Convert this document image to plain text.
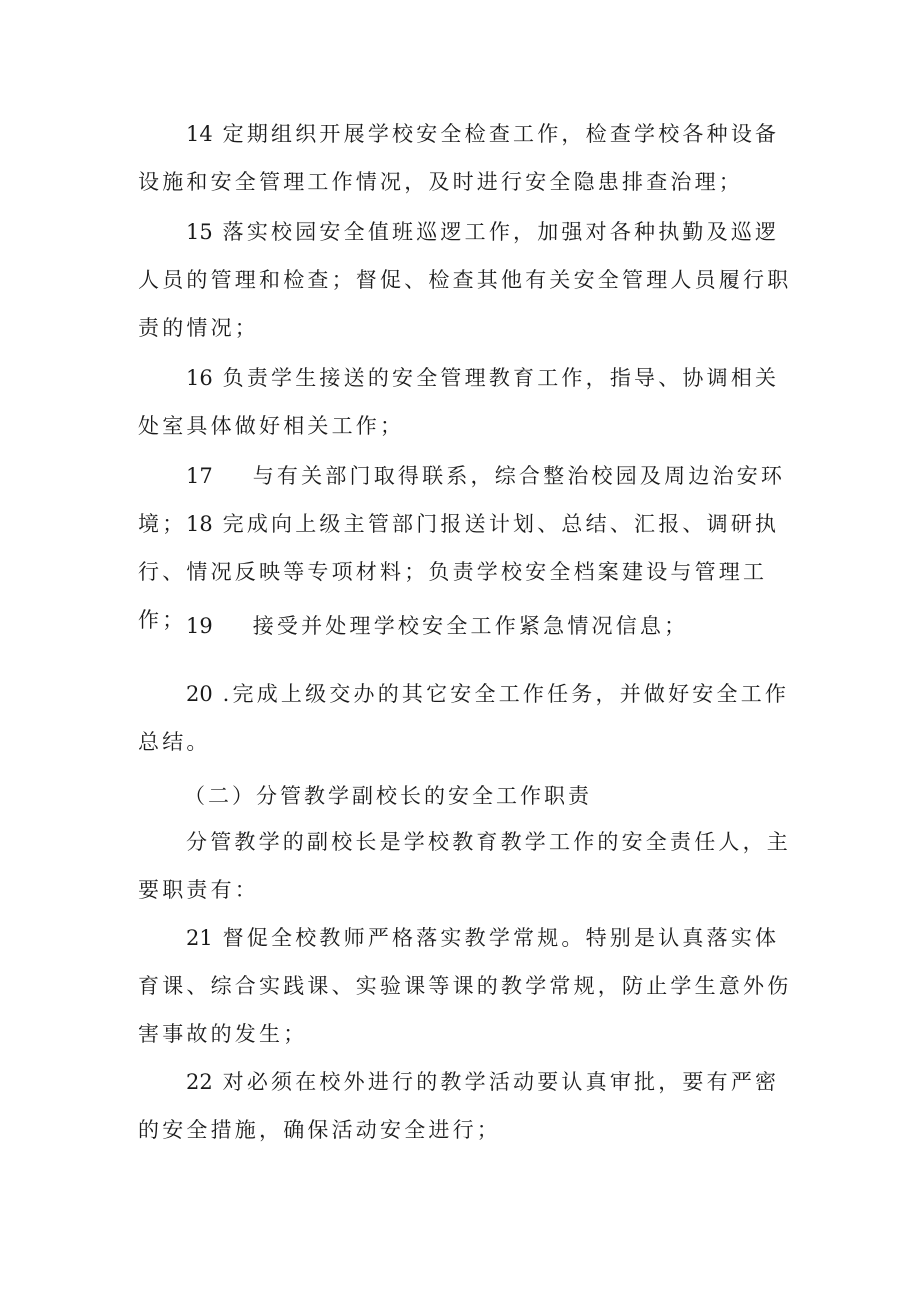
14 定期组织开展学校安全检查工作，检查学校各种设备设施和安全管理工作情况，及时进行安全隐患排查治理；

15 落实校园安全值班巡逻工作，加强对各种执勤及巡逻人员的管理和检查；督促、检查其他有关安全管理人员履行职责的情况；

16 负责学生接送的安全管理教育工作，指导、协调相关处室具体做好相关工作；

17 与有关部门取得联系，综合整治校园及周边治安环境； 18 完成向上级主管部门报送计划、总结、汇报、调研执行、情况反映等专项材料；负责学校安全档案建设与管理工作； 19 接受并处理学校安全工作紧急情况信息；

20 .完成上级交办的其它安全工作任务，并做好安全工作总结。

（二）分管教学副校长的安全工作职责

分管教学的副校长是学校教育教学工作的安全责任人，主要职责有：

21 督促全校教师严格落实教学常规。特别是认真落实体育课、综合实践课、实验课等课的教学常规，防止学生意外伤害事故的发生；

22 对必须在校外进行的教学活动要认真审批，要有严密的安全措施，确保活动安全进行；
